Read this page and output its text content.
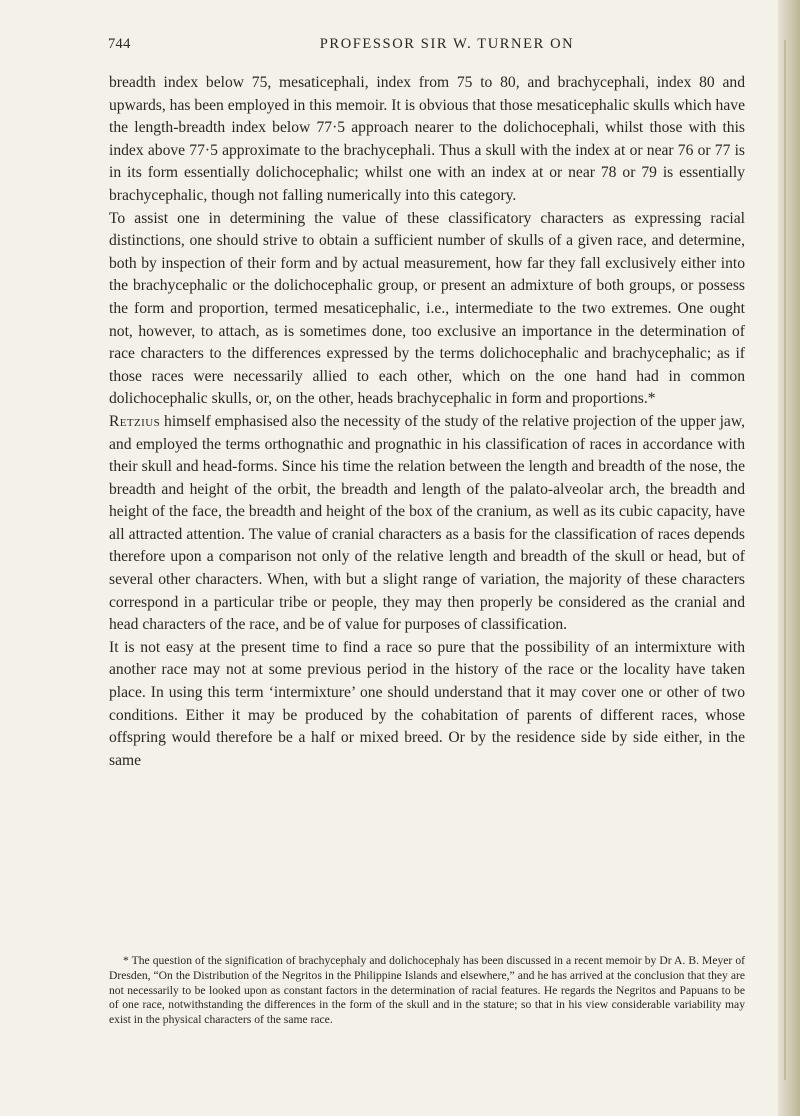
744	PROFESSOR SIR W. TURNER ON

breadth index below 75, mesaticephali, index from 75 to 80, and brachycephali, index 80 and upwards, has been employed in this memoir. It is obvious that those mesaticephalic skulls which have the length-breadth index below 77·5 approach nearer to the dolichocephali, whilst those with this index above 77·5 approximate to the brachycephali. Thus a skull with the index at or near 76 or 77 is in its form essentially dolichocephalic; whilst one with an index at or near 78 or 79 is essentially brachycephalic, though not falling numerically into this category.

To assist one in determining the value of these classificatory characters as expressing racial distinctions, one should strive to obtain a sufficient number of skulls of a given race, and determine, both by inspection of their form and by actual measurement, how far they fall exclusively either into the brachycephalic or the dolichocephalic group, or present an admixture of both groups, or possess the form and proportion, termed mesaticephalic, i.e., intermediate to the two extremes. One ought not, however, to attach, as is sometimes done, too exclusive an importance in the determination of race characters to the differences expressed by the terms dolichocephalic and brachycephalic; as if those races were necessarily allied to each other, which on the one hand had in common dolichocephalic skulls, or, on the other, heads brachycephalic in form and proportions.*

Retzius himself emphasised also the necessity of the study of the relative projection of the upper jaw, and employed the terms orthognathic and prognathic in his classification of races in accordance with their skull and head-forms. Since his time the relation between the length and breadth of the nose, the breadth and height of the orbit, the breadth and length of the palato-alveolar arch, the breadth and height of the face, the breadth and height of the box of the cranium, as well as its cubic capacity, have all attracted attention. The value of cranial characters as a basis for the classification of races depends therefore upon a comparison not only of the relative length and breadth of the skull or head, but of several other characters. When, with but a slight range of variation, the majority of these characters correspond in a particular tribe or people, they may then properly be considered as the cranial and head characters of the race, and be of value for purposes of classification.

It is not easy at the present time to find a race so pure that the possibility of an intermixture with another race may not at some previous period in the history of the race or the locality have taken place. In using this term ‘intermixture’ one should understand that it may cover one or other of two conditions. Either it may be produced by the cohabitation of parents of different races, whose offspring would therefore be a half or mixed breed. Or by the residence side by side either, in the same

* The question of the signification of brachycephaly and dolichocephaly has been discussed in a recent memoir by Dr A. B. Meyer of Dresden, “On the Distribution of the Negritos in the Philippine Islands and elsewhere,” and he has arrived at the conclusion that they are not necessarily to be looked upon as constant factors in the determination of racial features. He regards the Negritos and Papuans to be of one race, notwithstanding the differences in the form of the skull and in the stature; so that in his view considerable variability may exist in the physical characters of the same race.
